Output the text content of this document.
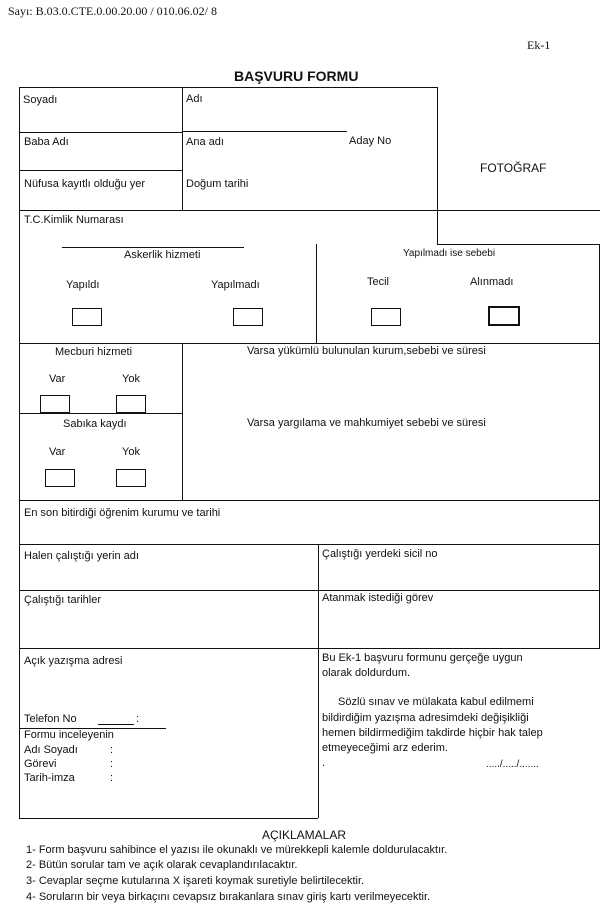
Sayı: B.03.0.CTE.0.00.20.00 / 010.06.02/ 8
Ek-1
BAŞVURU FORMU
Soyadı	Adı
Baba Adı	Ana adı	Aday No
Nüfusa kayıtlı olduğu yer	Doğum tarihi
FOTOĞRAF
T.C.Kimlik Numarası
Askerlik hizmeti	Yapılmadı ise sebebi
Yapıldı	Yapılmadı	Tecil	Alınmadı
Mecburi hizmeti
Var	Yok
Varsa yükümlü bulunulan kurum,sebebi ve süresi
Sabıka kaydı
Var	Yok
Varsa yargılama ve mahkumiyet sebebi ve süresi
En son bitirdiği öğrenim kurumu ve tarihi
Halen çalıştığı yerin adı	Çalıştığı yerdeki sicil no
Çalıştığı tarihler	Atanmak istediği görev
Açık yazışma adresi
Telefon No	:
Formu inceleyenin
Adı Soyadı	:
Görevi	:
Tarih-imza	:
Bu Ek-1 başvuru formunu gerçeğe uygun
olarak doldurdum.
Sözlü sınav ve mülakata kabul edilmemi
bildirdiğim yazışma adresimdeki değişikliği
hemen bildirmediğim takdirde hiçbir hak talep
etmeyeceğimi arz ederim.
.	...../...../.......
AÇIKLAMALAR
1- Form başvuru sahibince el yazısı ile okunaklı ve mürekkepli kalemle doldurulacaktır.
2- Bütün sorular tam ve açık olarak cevaplandırılacaktır.
3- Cevaplar seçme kutularına X işareti koymak suretiyle belirtilecektir.
4- Soruların bir veya birkaçını cevapsız bırakanlara sınav giriş kartı verilmeyecektir.
